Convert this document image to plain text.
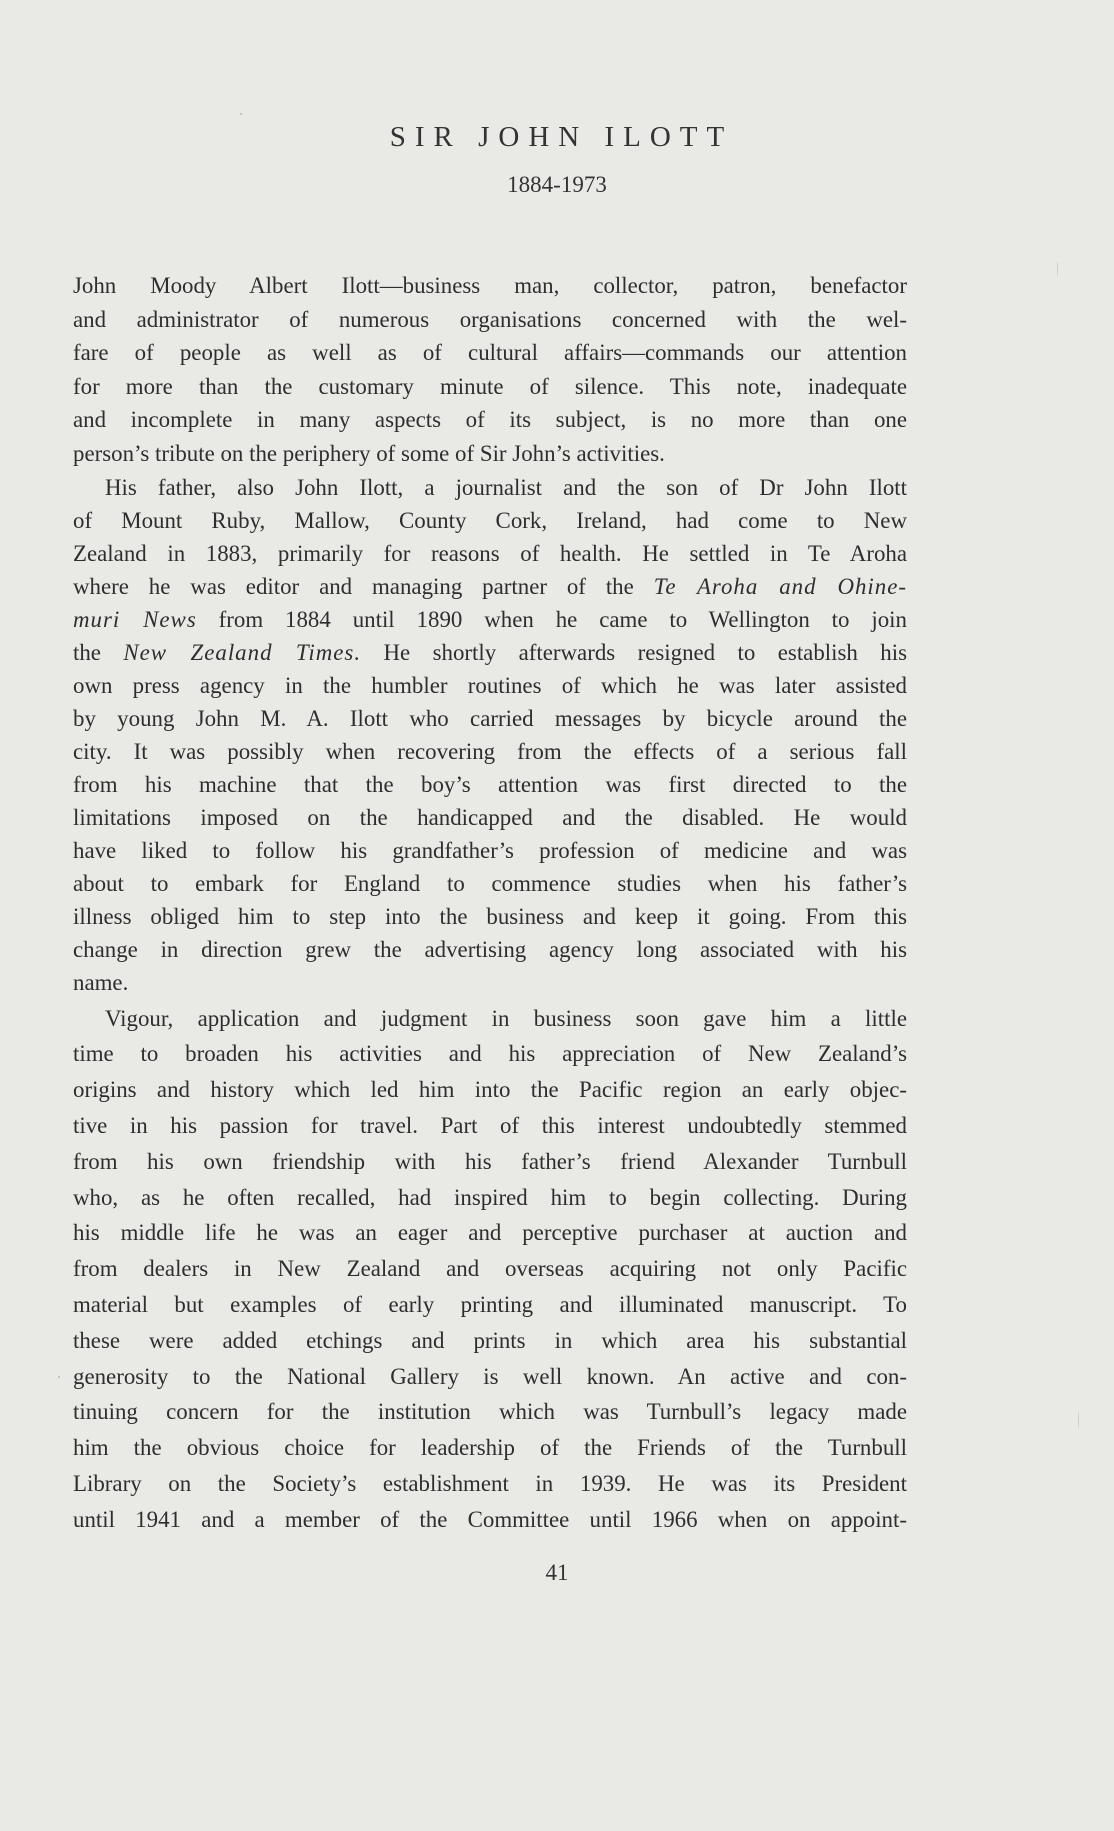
SIR JOHN ILOTT
1884-1973
John Moody Albert Ilott—business man, collector, patron, benefactor
and administrator of numerous organisations concerned with the wel-
fare of people as well as of cultural affairs—commands our attention
for more than the customary minute of silence. This note, inadequate
and incomplete in many aspects of its subject, is no more than one
person’s tribute on the periphery of some of Sir John’s activities.
His father, also John Ilott, a journalist and the son of Dr John Ilott
of Mount Ruby, Mallow, County Cork, Ireland, had come to New
Zealand in 1883, primarily for reasons of health. He settled in Te Aroha
where he was editor and managing partner of the Te Aroha and Ohine-
muri News from 1884 until 1890 when he came to Wellington to join
the New Zealand Times. He shortly afterwards resigned to establish his
own press agency in the humbler routines of which he was later assisted
by young John M. A. Ilott who carried messages by bicycle around the
city. It was possibly when recovering from the effects of a serious fall
from his machine that the boy’s attention was first directed to the
limitations imposed on the handicapped and the disabled. He would
have liked to follow his grandfather’s profession of medicine and was
about to embark for England to commence studies when his father’s
illness obliged him to step into the business and keep it going. From this
change in direction grew the advertising agency long associated with his
name.
Vigour, application and judgment in business soon gave him a little
time to broaden his activities and his appreciation of New Zealand’s
origins and history which led him into the Pacific region an early objec-
tive in his passion for travel. Part of this interest undoubtedly stemmed
from his own friendship with his father’s friend Alexander Turnbull
who, as he often recalled, had inspired him to begin collecting. During
his middle life he was an eager and perceptive purchaser at auction and
from dealers in New Zealand and overseas acquiring not only Pacific
material but examples of early printing and illuminated manuscript. To
these were added etchings and prints in which area his substantial
generosity to the National Gallery is well known. An active and con-
tinuing concern for the institution which was Turnbull’s legacy made
him the obvious choice for leadership of the Friends of the Turnbull
Library on the Society’s establishment in 1939. He was its President
until 1941 and a member of the Committee until 1966 when on appoint-
41
